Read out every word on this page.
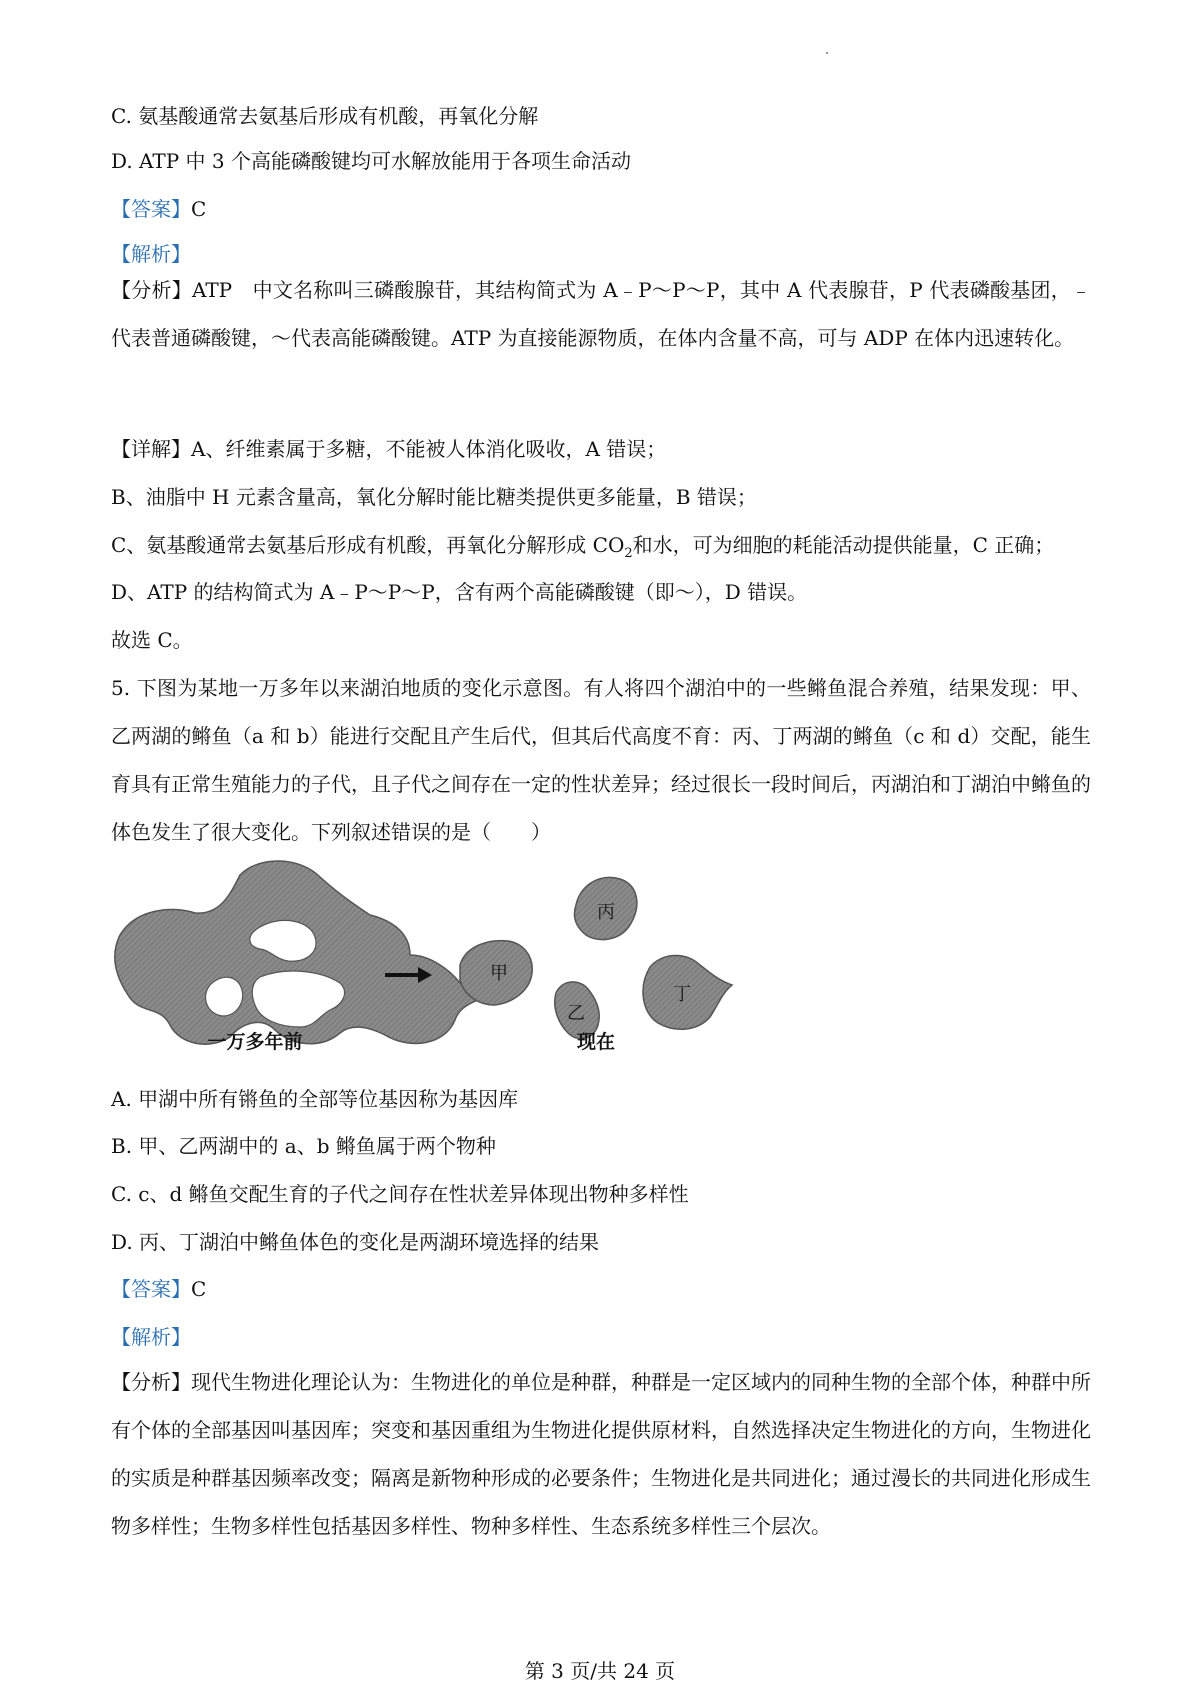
C. 氨基酸通常去氨基后形成有机酸，再氧化分解
D. ATP 中 3 个高能磷酸键均可水解放能用于各项生命活动
【答案】C
【解析】
【分析】ATP　中文名称叫三磷酸腺苷，其结构简式为 A﹣P～P～P，其中 A 代表腺苷，P 代表磷酸基团，﹣代表普通磷酸键，～代表高能磷酸键。ATP 为直接能源物质，在体内含量不高，可与 ADP 在体内迅速转化。
【详解】A、纤维素属于多糖，不能被人体消化吸收，A 错误；
B、油脂中 H 元素含量高，氧化分解时能比糖类提供更多能量，B 错误；
C、氨基酸通常去氨基后形成有机酸，再氧化分解形成 $CO_2$和水，可为细胞的耗能活动提供能量，C 正确；
D、ATP 的结构简式为 A﹣P～P～P，含有两个高能磷酸键（即～），D 错误。
故选 C。
5. 下图为某地一万多年以来湖泊地质的变化示意图。有人将四个湖泊中的一些鳉鱼混合养殖，结果发现：甲、乙两湖的鳉鱼（a 和 b）能进行交配且产生后代，但其后代高度不育：丙、丁两湖的鳉鱼（c 和 d）交配，能生育具有正常生殖能力的子代，且子代之间存在一定的性状差异；经过很长一段时间后，丙湖泊和丁湖泊中鳉鱼的体色发生了很大变化。下列叙述错误的是（　　）
甲
丙
乙
丁
一万多年前	现在
A. 甲湖中所有锵鱼的全部等位基因称为基因库
B. 甲、乙两湖中的 a、b 鳉鱼属于两个物种
C. c、d 鳉鱼交配生育的子代之间存在性状差异体现出物种多样性
D. 丙、丁湖泊中鳉鱼体色的变化是两湖环境选择的结果
【答案】C
【解析】
【分析】现代生物进化理论认为：生物进化的单位是种群，种群是一定区域内的同种生物的全部个体，种群中所有个体的全部基因叫基因库；突变和基因重组为生物进化提供原材料，自然选择决定生物进化的方向，生物进化的实质是种群基因频率改变；隔离是新物种形成的必要条件；生物进化是共同进化；通过漫长的共同进化形成生物多样性；生物多样性包括基因多样性、物种多样性、生态系统多样性三个层次。
第 3 页/共 24 页
